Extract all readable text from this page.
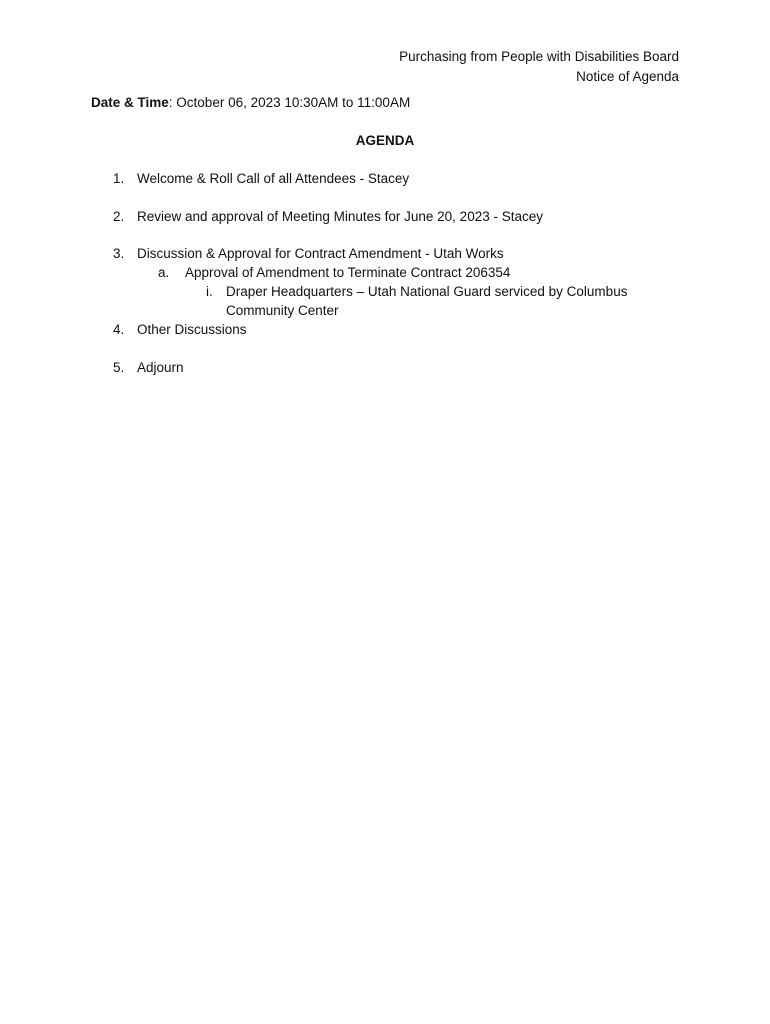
Purchasing from People with Disabilities Board
Notice of Agenda
Date & Time: October 06, 2023 10:30AM to 11:00AM
AGENDA
1. Welcome & Roll Call of all Attendees - Stacey
2. Review and approval of Meeting Minutes for June 20, 2023 - Stacey
3. Discussion & Approval for Contract Amendment - Utah Works
a. Approval of Amendment to Terminate Contract 206354
i. Draper Headquarters – Utah National Guard serviced by Columbus Community Center
4. Other Discussions
5. Adjourn
